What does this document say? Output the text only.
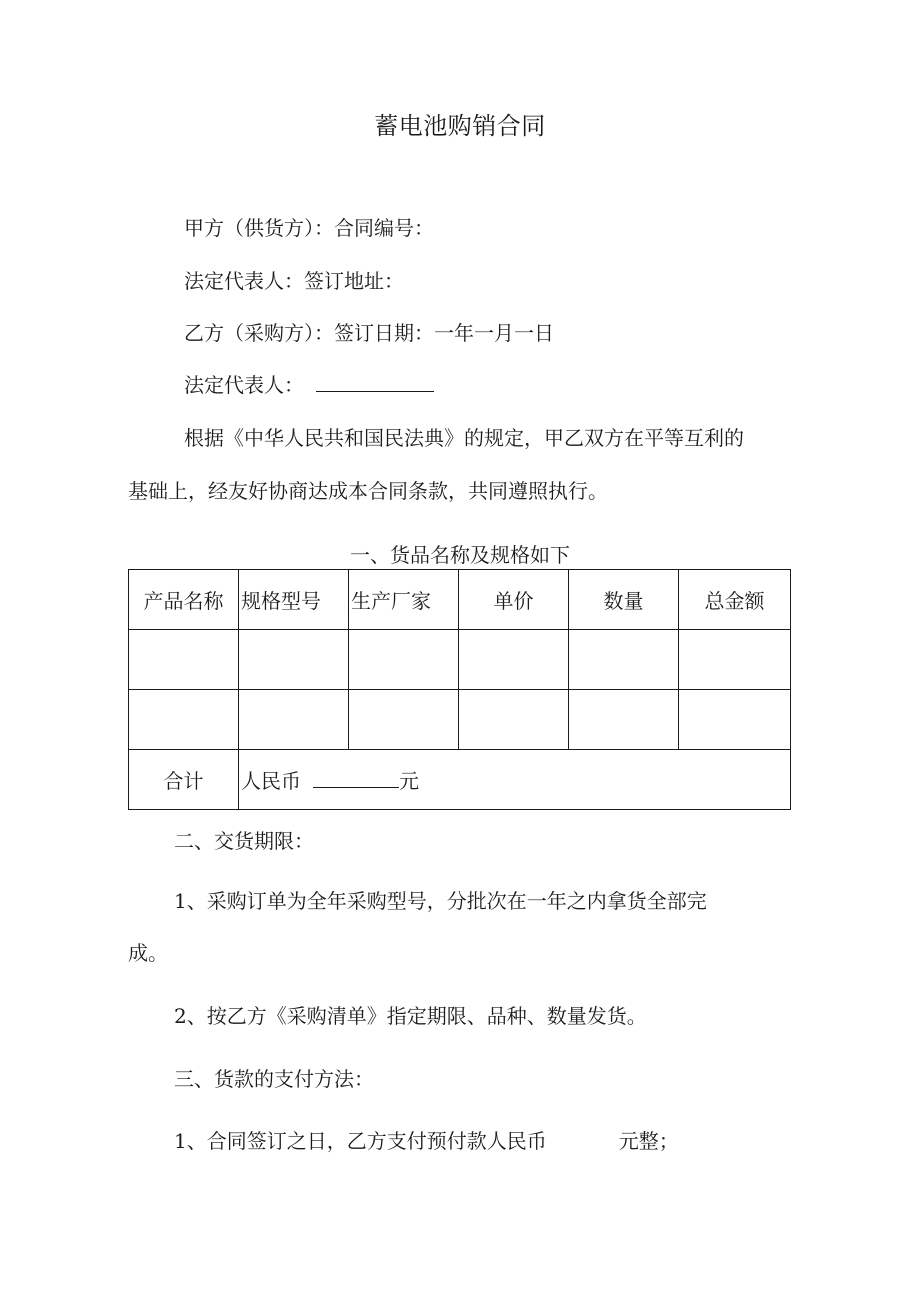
蓄电池购销合同
甲方（供货方）：合同编号：
法定代表人：签订地址：
乙方（采购方）：签订日期：一年一月一日
法定代表人：
根据《中华人民共和国民法典》的规定，甲乙双方在平等互利的
基础上，经友好协商达成本合同条款，共同遵照执行。
一、货品名称及规格如下
产品名称	规格型号	生产厂家	单价	数量	总金额

合计	人民币 元				
二、交货期限：
1、采购订单为全年采购型号，分批次在一年之内拿货全部完
成。
2、按乙方《采购清单》指定期限、品种、数量发货。
三、货款的支付方法：
1、合同签订之日，乙方支付预付款人民币	元整；
